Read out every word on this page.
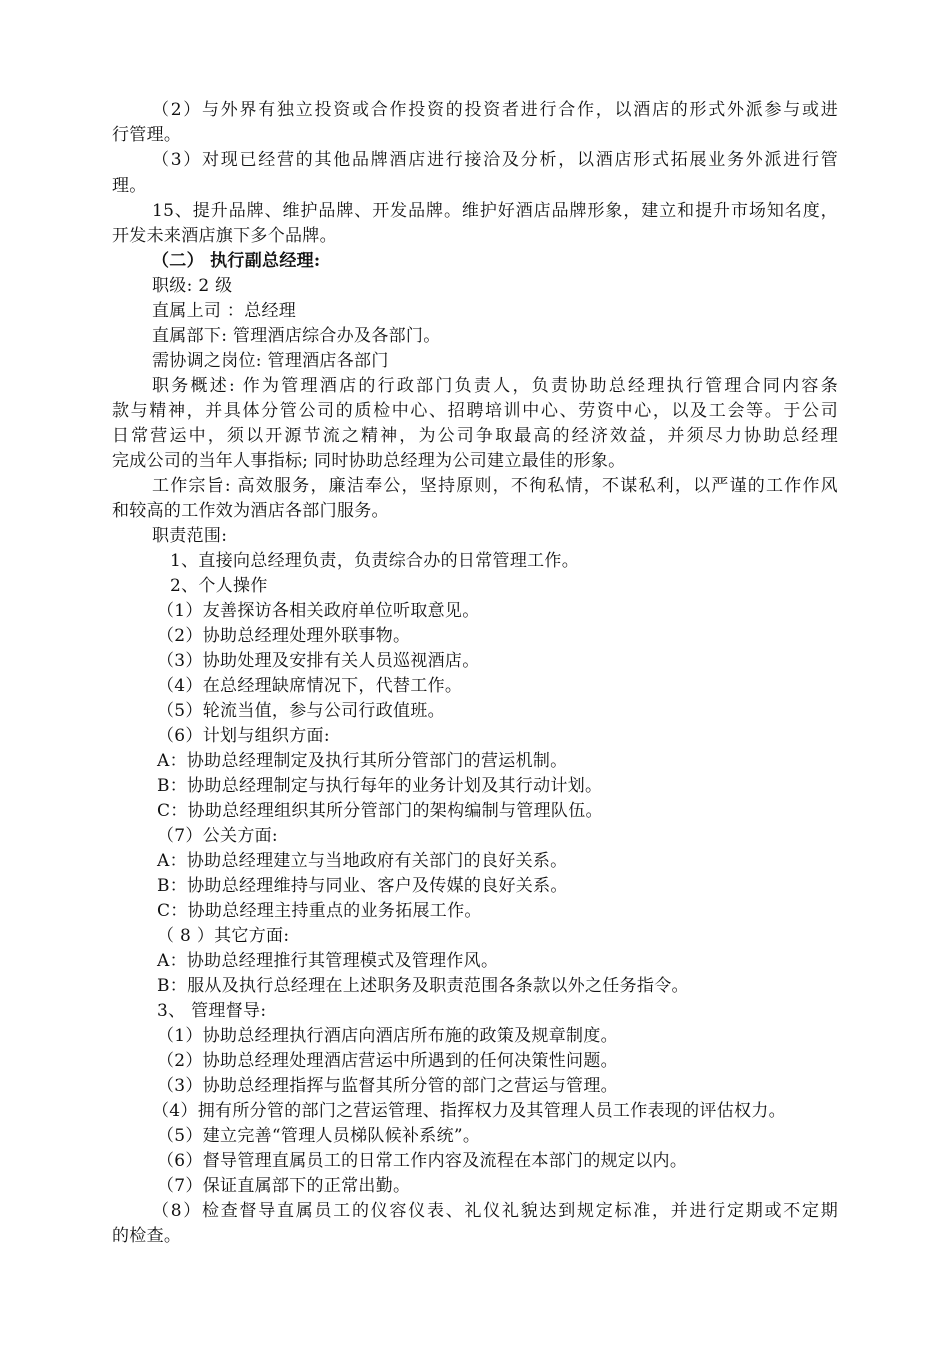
（2）与外界有独立投资或合作投资的投资者进行合作，以酒店的形式外派参与或进
行管理。
（3）对现已经营的其他品牌酒店进行接洽及分析，以酒店形式拓展业务外派进行管
理。
15、提升品牌、维护品牌、开发品牌。维护好酒店品牌形象，建立和提升市场知名度，
开发未来酒店旗下多个品牌。
（二） 执行副总经理:
职级: 2 级
直属上司 ：总经理
直属部下: 管理酒店综合办及各部门。
需协调之岗位: 管理酒店各部门
职务概述: 作为管理酒店的行政部门负责人，负责协助总经理执行管理合同内容条
款与精神，并具体分管公司的质检中心、招聘培训中心、劳资中心，以及工会等。于公司
日常营运中，须以开源节流之精神，为公司争取最高的经济效益，并须尽力协助总经理
完成公司的当年人事指标; 同时协助总经理为公司建立最佳的形象。
工作宗旨: 高效服务，廉洁奉公，坚持原则，不徇私情，不谋私利，以严谨的工作作风
和较高的工作效为酒店各部门服务。
职责范围:
1、直接向总经理负责，负责综合办的日常管理工作。
2、个人操作
（1）友善探访各相关政府单位听取意见。
（2）协助总经理处理外联事物。
（3）协助处理及安排有关人员巡视酒店。
（4）在总经理缺席情况下，代替工作。
（5）轮流当值，参与公司行政值班。
（6）计划与组织方面:
A：协助总经理制定及执行其所分管部门的营运机制。
B：协助总经理制定与执行每年的业务计划及其行动计划。
C：协助总经理组织其所分管部门的架构编制与管理队伍。
（7）公关方面:
A：协助总经理建立与当地政府有关部门的良好关系。
B：协助总经理维持与同业、客户及传媒的良好关系。
C：协助总经理主持重点的业务拓展工作。
（ 8 ）其它方面:
A：协助总经理推行其管理模式及管理作风。
B：服从及执行总经理在上述职务及职责范围各条款以外之任务指令。
3、 管理督导:
（1）协助总经理执行酒店向酒店所布施的政策及规章制度。
（2）协助总经理处理酒店营运中所遇到的任何决策性问题。
（3）协助总经理指挥与监督其所分管的部门之营运与管理。
（4）拥有所分管的部门之营运管理、指挥权力及其管理人员工作表现的评估权力。
（5）建立完善“管理人员梯队候补系统”。
（6）督导管理直属员工的日常工作内容及流程在本部门的规定以内。
（7）保证直属部下的正常出勤。
（8）检查督导直属员工的仪容仪表、礼仪礼貌达到规定标准，并进行定期或不定期
的检查。
